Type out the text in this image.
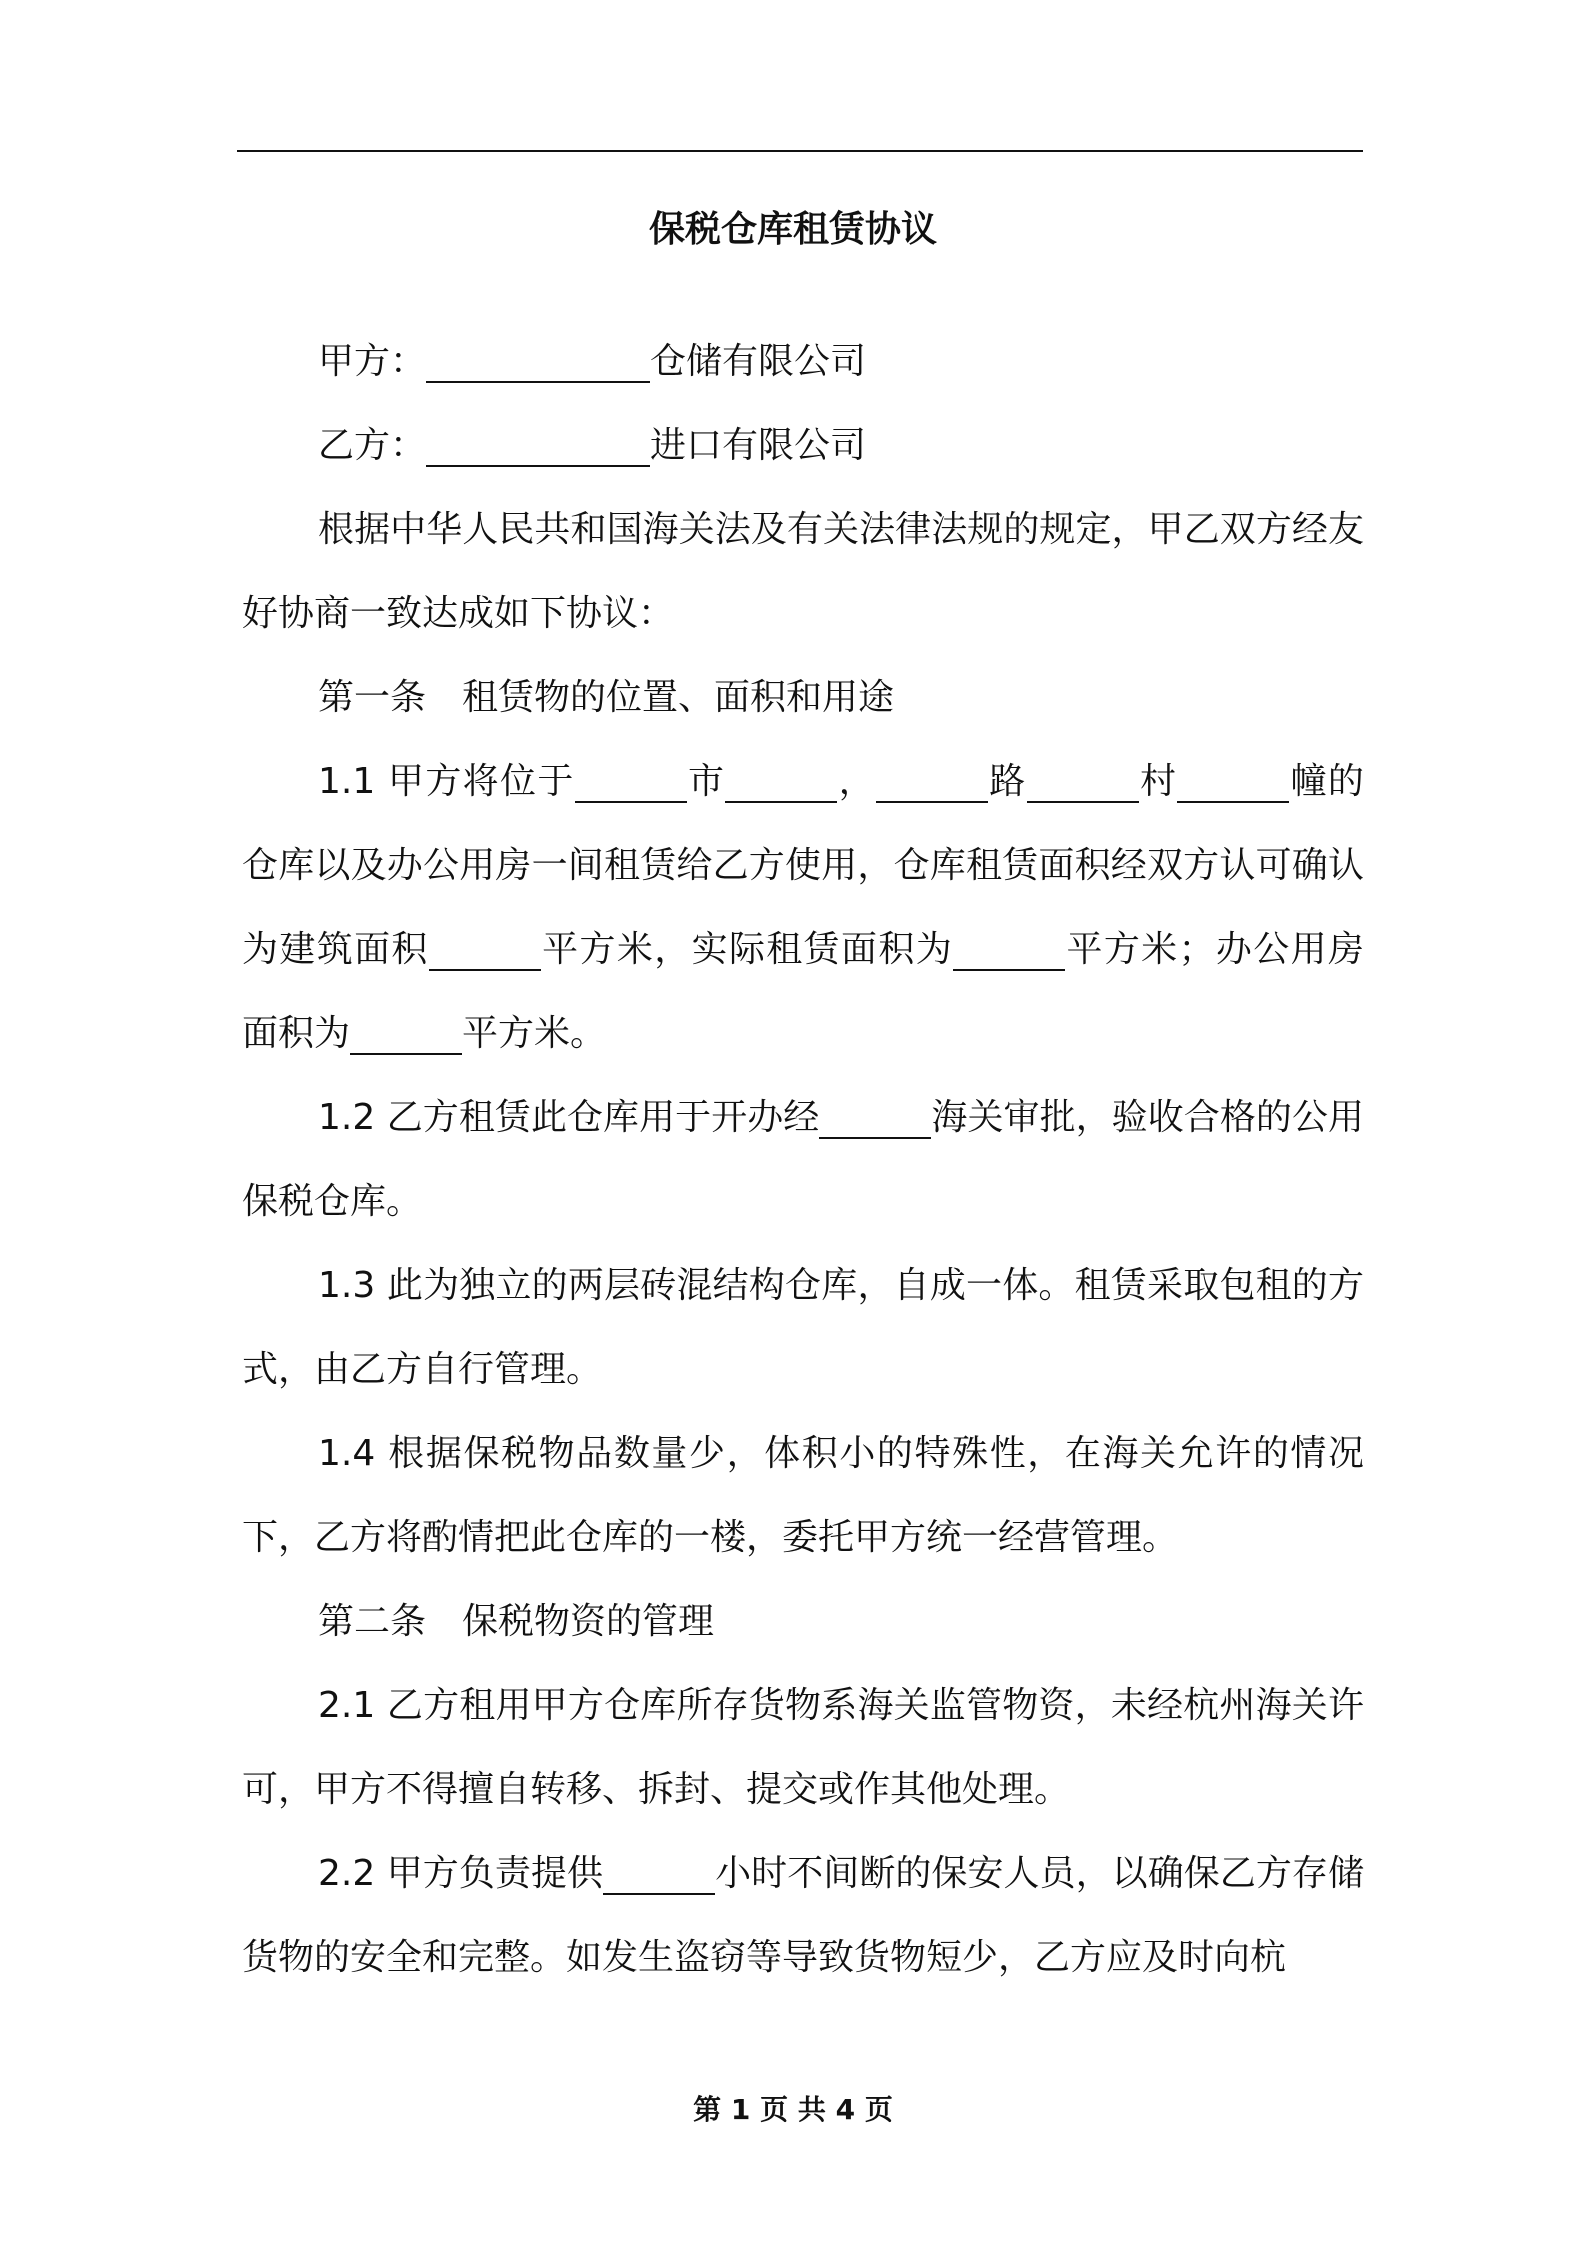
保税仓库租赁协议

甲方：	仓储有限公司

乙方：	进口有限公司

根据中华人民共和国海关法及有关法律法规的规定，甲乙双方经友好协商一致达成如下协议：

第一条　租赁物的位置、面积和用途

1.1 甲方将位于	市	，	路	村	幢的仓库以及办公用房一间租赁给乙方使用，仓库租赁面积经双方认可确认为建筑面积	平方米，实际租赁面积为	平方米；办公用房面积为	平方米。

1.2 乙方租赁此仓库用于开办经	海关审批，验收合格的公用保税仓库。

1.3 此为独立的两层砖混结构仓库，自成一体。租赁采取包租的方式，由乙方自行管理。

1.4 根据保税物品数量少，体积小的特殊性，在海关允许的情况下，乙方将酌情把此仓库的一楼，委托甲方统一经营管理。

第二条　保税物资的管理

2.1 乙方租用甲方仓库所存货物系海关监管物资，未经杭州海关许可，甲方不得擅自转移、拆封、提交或作其他处理。

2.2 甲方负责提供	小时不间断的保安人员，以确保乙方存储货物的安全和完整。如发生盗窃等导致货物短少，乙方应及时向杭

第 1 页 共 4 页
